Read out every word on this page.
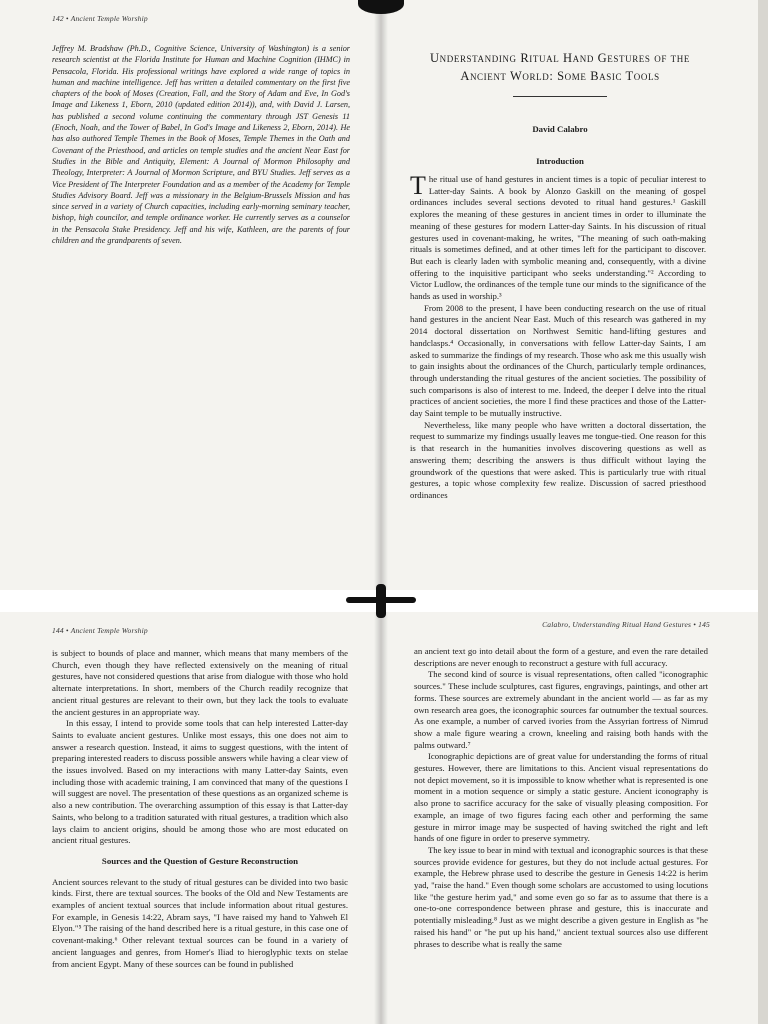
142 • Ancient Temple Worship
Jeffrey M. Bradshaw (Ph.D., Cognitive Science, University of Washington) is a senior research scientist at the Florida Institute for Human and Machine Cognition (IHMC) in Pensacola, Florida. His professional writings have explored a wide range of topics in human and machine intelligence. Jeff has written a detailed commentary on the first five chapters of the book of Moses (Creation, Fall, and the Story of Adam and Eve, In God's Image and Likeness 1, Eborn, 2010 (updated edition 2014)), and, with David J. Larsen, has published a second volume continuing the commentary through JST Genesis 11 (Enoch, Noah, and the Tower of Babel, In God's Image and Likeness 2, Eborn, 2014). He has also authored Temple Themes in the Book of Moses, Temple Themes in the Oath and Covenant of the Priesthood, and articles on temple studies and the ancient Near East for Studies in the Bible and Antiquity, Element: A Journal of Mormon Philosophy and Theology, Interpreter: A Journal of Mormon Scripture, and BYU Studies. Jeff serves as a Vice President of The Interpreter Foundation and as a member of the Academy for Temple Studies Advisory Board. Jeff was a missionary in the Belgium-Brussels Mission and has since served in a variety of Church capacities, including early-morning seminary teacher, bishop, high councilor, and temple ordinance worker. He currently serves as a counselor in the Pensacola Stake Presidency. Jeff and his wife, Kathleen, are the parents of four children and the grandparents of seven.
Understanding Ritual Hand Gestures of the Ancient World: Some Basic Tools
David Calabro
Introduction

The ritual use of hand gestures in ancient times is a topic of peculiar interest to Latter-day Saints. A book by Alonzo Gaskill on the meaning of gospel ordinances includes several sections devoted to ritual hand gestures.¹ Gaskill explores the meaning of these gestures in ancient times in order to illuminate the meaning of these gestures for modern Latter-day Saints. In his discussion of ritual gestures used in covenant-making, he writes, "The meaning of such oath-making rituals is sometimes defined, and at other times left for the participant to discover. But each is clearly laden with symbolic meaning and, consequently, with a divine offering to the inquisitive participant who seeks understanding."² According to Victor Ludlow, the ordinances of the temple tune our minds to the significance of the hands as used in worship.³

From 2008 to the present, I have been conducting research on the use of ritual hand gestures in the ancient Near East. Much of this research was gathered in my 2014 doctoral dissertation on Northwest Semitic hand-lifting gestures and handclasps.⁴ Occasionally, in conversations with fellow Latter-day Saints, I am asked to summarize the findings of my research. Those who ask me this usually wish to gain insights about the ordinances of the Church, particularly temple ordinances, through understanding the ritual gestures of the ancient societies. The possibility of such comparisons is also of interest to me. Indeed, the deeper I delve into the ritual practices of ancient societies, the more I find these practices and those of the Latter-day Saint temple to be mutually instructive.

Nevertheless, like many people who have written a doctoral dissertation, the request to summarize my findings usually leaves me tongue-tied. One reason for this is that research in the humanities involves discovering questions as well as answering them; describing the answers is thus difficult without laying the groundwork of the questions that were asked. This is particularly true with ritual gestures, a topic whose complexity few realize. Discussion of sacred priesthood ordinances

144 • Ancient Temple Worship

is subject to bounds of place and manner, which means that many members of the Church, even though they have reflected extensively on the meaning of ritual gestures, have not considered questions that arise from dialogue with those who hold alternate interpretations. In short, members of the Church readily recognize that ancient ritual gestures are relevant to their own, but they lack the tools to evaluate the ancient gestures in an appropriate way.

In this essay, I intend to provide some tools that can help interested Latter-day Saints to evaluate ancient gestures. Unlike most essays, this one does not aim to answer a research question. Instead, it aims to suggest questions, with the intent of preparing interested readers to discuss possible answers while having a clear view of the issues involved. Based on my interactions with many Latter-day Saints, even including those with academic training, I am convinced that many of the questions I will suggest are novel. The presentation of these questions as an organized scheme is also a new contribution. The overarching assumption of this essay is that Latter-day Saints, who belong to a tradition saturated with ritual gestures, a tradition which also lays claim to ancient origins, should be among those who are most educated on ancient ritual gestures.

Sources and the Question of Gesture Reconstruction

Ancient sources relevant to the study of ritual gestures can be divided into two basic kinds. First, there are textual sources. The books of the Old and New Testaments are examples of ancient textual sources that include information about ritual gestures. For example, in Genesis 14:22, Abram says, "I have raised my hand to Yahweh El Elyon."⁵ The raising of the hand described here is a ritual gesture, in this case one of covenant-making.⁶ Other relevant textual sources can be found in a variety of ancient languages and genres, from Homer's Iliad to hieroglyphic texts on stelae from ancient Egypt. Many of these sources can be found in published

Calabro, Understanding Ritual Hand Gestures • 145

an ancient text go into detail about the form of a gesture, and even the rare detailed descriptions are never enough to reconstruct a gesture with full accuracy.

The second kind of source is visual representations, often called "iconographic sources." These include sculptures, cast figures, engravings, paintings, and other art forms. These sources are extremely abundant in the ancient world — as far as my own research area goes, the iconographic sources far outnumber the textual sources. As one example, a number of carved ivories from the Assyrian fortress of Nimrud show a male figure wearing a crown, kneeling and raising both hands with the palms outward.⁷

Iconographic depictions are of great value for understanding the forms of ritual gestures. However, there are limitations to this. Ancient visual representations do not depict movement, so it is impossible to know whether what is represented is one moment in a motion sequence or simply a static gesture. Ancient iconography is also prone to sacrifice accuracy for the sake of visually pleasing composition. For example, an image of two figures facing each other and performing the same gesture in mirror image may be suspected of having switched the right and left hands of one figure in order to preserve symmetry.

The key issue to bear in mind with textual and iconographic sources is that these sources provide evidence for gestures, but they do not include actual gestures. For example, the Hebrew phrase used to describe the gesture in Genesis 14:22 is herim yad, "raise the hand." Even though some scholars are accustomed to using locutions like "the gesture herim yad," and some even go so far as to assume that there is a one-to-one correspondence between phrase and gesture, this is inaccurate and potentially misleading.⁸ Just as we might describe a given gesture in English as "he raised his hand" or "he put up his hand," ancient textual sources also use different phrases to describe what is really the same
